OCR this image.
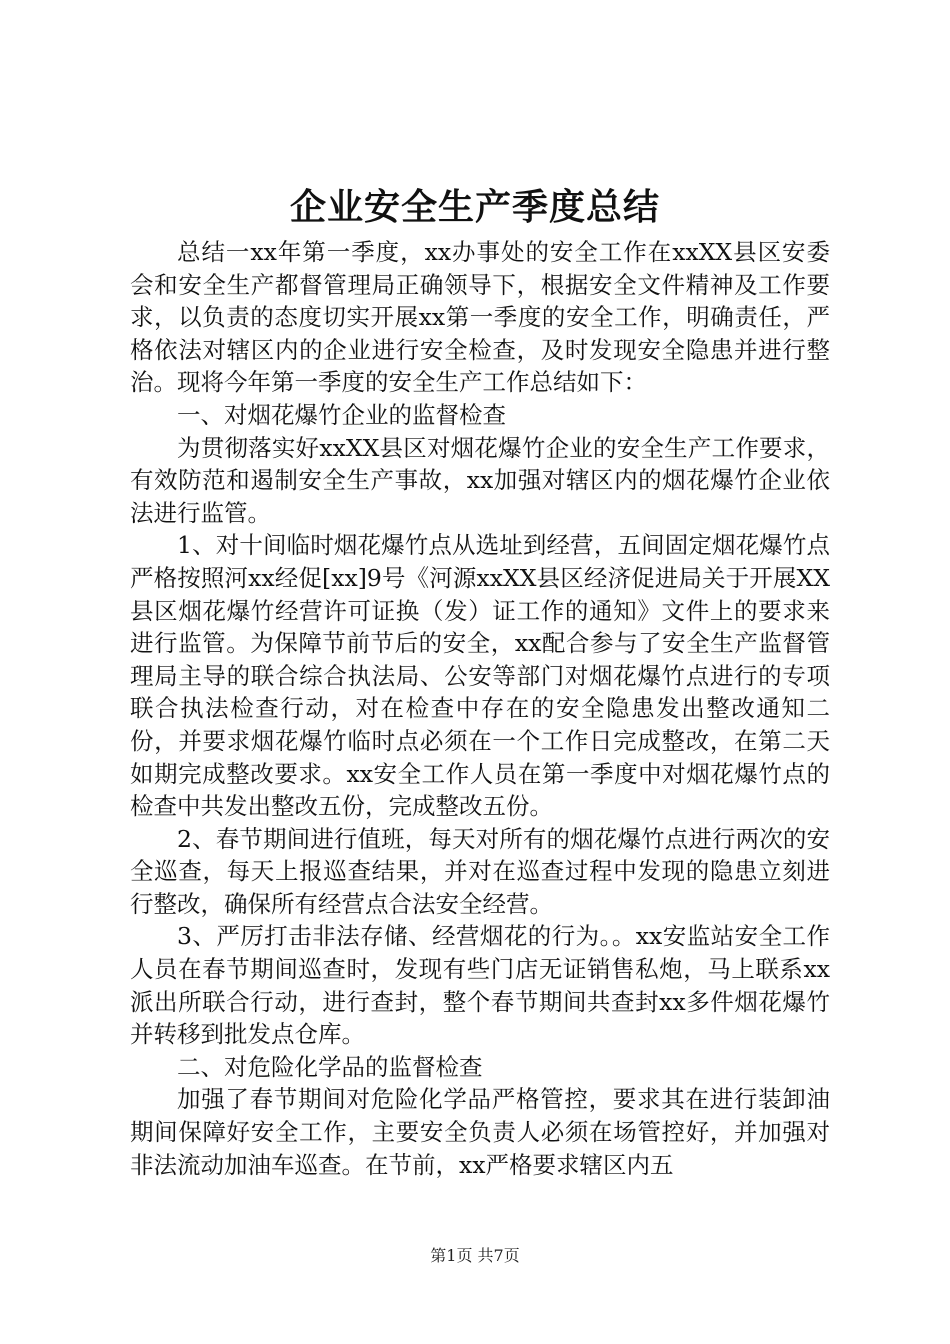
企业安全生产季度总结

总结一xx年第一季度，xx办事处的安全工作在xxXX县区安委会和安全生产都督管理局正确领导下，根据安全文件精神及工作要求，以负责的态度切实开展xx第一季度的安全工作，明确责任，严格依法对辖区内的企业进行安全检查，及时发现安全隐患并进行整治。现将今年第一季度的安全生产工作总结如下：

一、对烟花爆竹企业的监督检查

为贯彻落实好xxXX县区对烟花爆竹企业的安全生产工作要求，有效防范和遏制安全生产事故，xx加强对辖区内的烟花爆竹企业依法进行监管。

1、对十间临时烟花爆竹点从选址到经营，五间固定烟花爆竹点严格按照河xx经促[xx]9号《河源xxXX县区经济促进局关于开展XX县区烟花爆竹经营许可证换（发）证工作的通知》文件上的要求来进行监管。为保障节前节后的安全，xx配合参与了安全生产监督管理局主导的联合综合执法局、公安等部门对烟花爆竹点进行的专项联合执法检查行动，对在检查中存在的安全隐患发出整改通知二份，并要求烟花爆竹临时点必须在一个工作日完成整改，在第二天如期完成整改要求。xx安全工作人员在第一季度中对烟花爆竹点的检查中共发出整改五份，完成整改五份。

2、春节期间进行值班，每天对所有的烟花爆竹点进行两次的安全巡查，每天上报巡查结果，并对在巡查过程中发现的隐患立刻进行整改，确保所有经营点合法安全经营。

3、严厉打击非法存储、经营烟花的行为。。xx安监站安全工作人员在春节期间巡查时，发现有些门店无证销售私炮，马上联系xx派出所联合行动，进行查封，整个春节期间共查封xx多件烟花爆竹并转移到批发点仓库。

二、对危险化学品的监督检查

加强了春节期间对危险化学品严格管控，要求其在进行装卸油期间保障好安全工作，主要安全负责人必须在场管控好，并加强对非法流动加油车巡查。在节前，xx严格要求辖区内五

第1页 共7页
